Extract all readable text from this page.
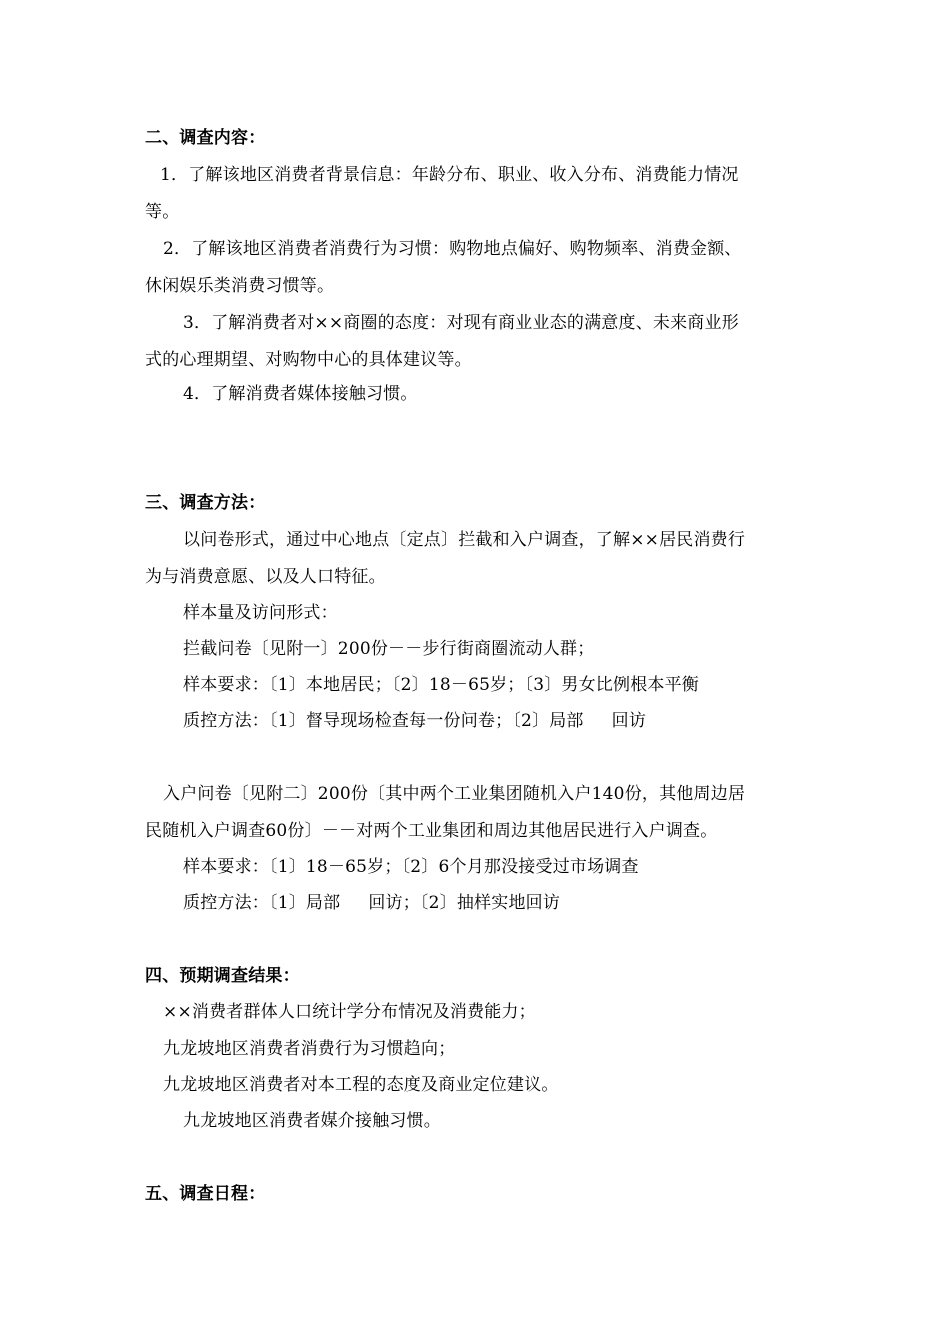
二、调查内容：
1．了解该地区消费者背景信息：年龄分布、职业、收入分布、消费能力情况
等。
2．了解该地区消费者消费行为习惯：购物地点偏好、购物频率、消费金额、
休闲娱乐类消费习惯等。
3．了解消费者对××商圈的态度：对现有商业业态的满意度、未来商业形
式的心理期望、对购物中心的具体建议等。
4．了解消费者媒体接触习惯。
三、调查方法：
以问卷形式，通过中心地点〔定点〕拦截和入户调查，了解××居民消费行
为与消费意愿、以及人口特征。
样本量及访问形式：
拦截问卷〔见附一〕200份－－步行街商圈流动人群；
样本要求：〔1〕本地居民；〔2〕18－65岁；〔3〕男女比例根本平衡
质控方法：〔1〕督导现场检查每一份问卷；〔2〕局部 回访
入户问卷〔见附二〕200份〔其中两个工业集团随机入户140份，其他周边居
民随机入户调查60份〕－－对两个工业集团和周边其他居民进行入户调查。
样本要求：〔1〕18－65岁；〔2〕6个月那没接受过市场调查
质控方法：〔1〕局部 回访；〔2〕抽样实地回访
四、预期调查结果：
××消费者群体人口统计学分布情况及消费能力；
九龙坡地区消费者消费行为习惯趋向；
九龙坡地区消费者对本工程的态度及商业定位建议。
九龙坡地区消费者媒介接触习惯。
五、调查日程：
